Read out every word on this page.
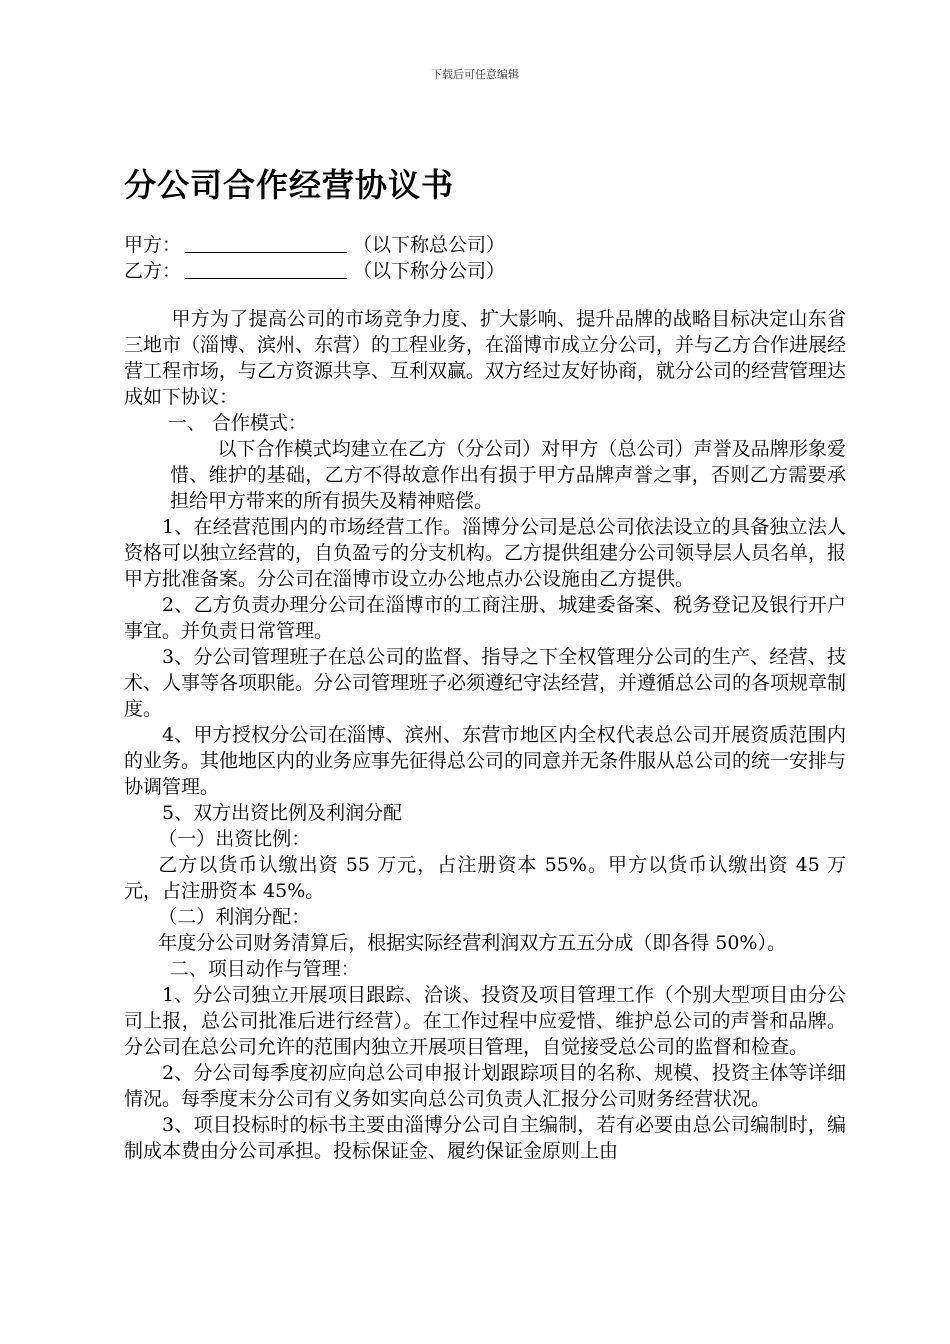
下载后可任意编辑
分公司合作经营协议书
甲方：	（以下称总公司）
乙方：	（以下称分公司）

甲方为了提高公司的市场竞争力度、扩大影响、提升品牌的战略目标决定山东省三地市（淄博、滨州、东营）的工程业务，在淄博市成立分公司，并与乙方合作进展经营工程市场，与乙方资源共享、互利双赢。双方经过友好协商，就分公司的经营管理达成如下协议：

一、 合作模式：

以下合作模式均建立在乙方（分公司）对甲方（总公司）声誉及品牌形象爱惜、维护的基础，乙方不得故意作出有损于甲方品牌声誉之事，否则乙方需要承担给甲方带来的所有损失及精神赔偿。

1、在经营范围内的市场经营工作。淄博分公司是总公司依法设立的具备独立法人资格可以独立经营的，自负盈亏的分支机构。乙方提供组建分公司领导层人员名单，报甲方批准备案。分公司在淄博市设立办公地点办公设施由乙方提供。

2、乙方负责办理分公司在淄博市的工商注册、城建委备案、税务登记及银行开户事宜。并负责日常管理。

3、分公司管理班子在总公司的监督、指导之下全权管理分公司的生产、经营、技术、人事等各项职能。分公司管理班子必须遵纪守法经营，并遵循总公司的各项规章制度。

4、甲方授权分公司在淄博、滨州、东营市地区内全权代表总公司开展资质范围内的业务。其他地区内的业务应事先征得总公司的同意并无条件服从总公司的统一安排与协调管理。

5、双方出资比例及利润分配

（一）出资比例：

乙方以货币认缴出资 55 万元，占注册资本 55%。甲方以货币认缴出资 45 万元，占注册资本 45%。

（二）利润分配：

年度分公司财务清算后，根据实际经营利润双方五五分成（即各得 50%）。

二、项目动作与管理：

1、分公司独立开展项目跟踪、洽谈、投资及项目管理工作（个别大型项目由分公司上报，总公司批准后进行经营）。在工作过程中应爱惜、维护总公司的声誉和品牌。分公司在总公司允许的范围内独立开展项目管理，自觉接受总公司的监督和检查。

2、分公司每季度初应向总公司申报计划跟踪项目的名称、规模、投资主体等详细情况。每季度末分公司有义务如实向总公司负责人汇报分公司财务经营状况。

3、项目投标时的标书主要由淄博分公司自主编制，若有必要由总公司编制时，编制成本费由分公司承担。投标保证金、履约保证金原则上由
